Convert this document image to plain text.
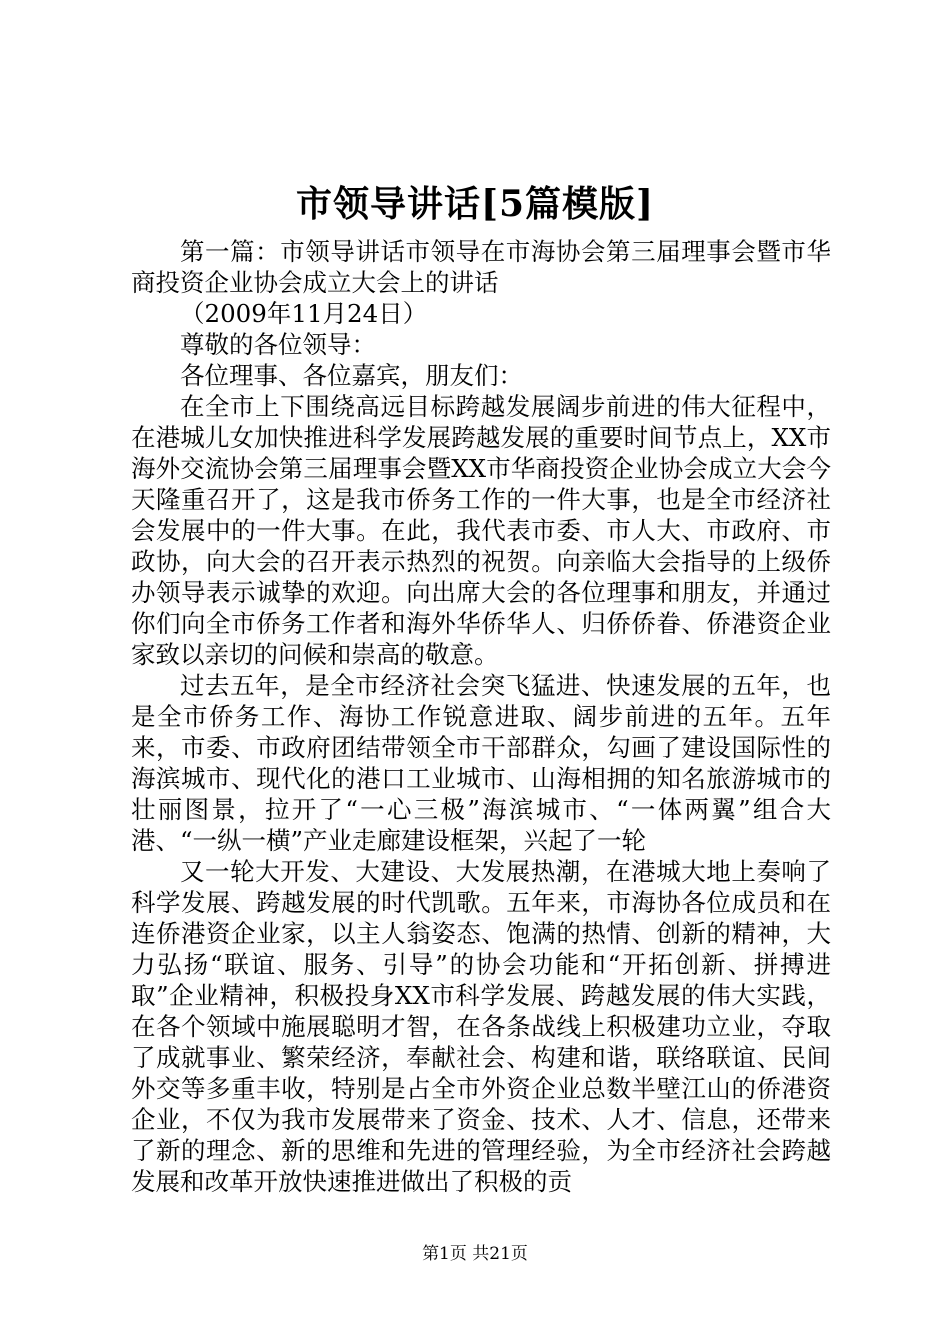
市领导讲话[5篇模版]

第一篇：市领导讲话市领导在市海协会第三届理事会暨市华商投资企业协会成立大会上的讲话

（2009年11月24日）

尊敬的各位领导：

各位理事、各位嘉宾，朋友们：

在全市上下围绕高远目标跨越发展阔步前进的伟大征程中，在港城儿女加快推进科学发展跨越发展的重要时间节点上，XX市海外交流协会第三届理事会暨XX市华商投资企业协会成立大会今天隆重召开了，这是我市侨务工作的一件大事，也是全市经济社会发展中的一件大事。在此，我代表市委、市人大、市政府、市政协，向大会的召开表示热烈的祝贺。向亲临大会指导的上级侨办领导表示诚挚的欢迎。向出席大会的各位理事和朋友，并通过你们向全市侨务工作者和海外华侨华人、归侨侨眷、侨港资企业家致以亲切的问候和崇高的敬意。

过去五年，是全市经济社会突飞猛进、快速发展的五年，也是全市侨务工作、海协工作锐意进取、阔步前进的五年。五年来，市委、市政府团结带领全市干部群众，勾画了建设国际性的海滨城市、现代化的港口工业城市、山海相拥的知名旅游城市的壮丽图景，拉开了“一心三极”海滨城市、“一体两翼”组合大港、“一纵一横”产业走廊建设框架，兴起了一轮

又一轮大开发、大建设、大发展热潮，在港城大地上奏响了科学发展、跨越发展的时代凯歌。五年来，市海协各位成员和在连侨港资企业家，以主人翁姿态、饱满的热情、创新的精神，大力弘扬“联谊、服务、引导”的协会功能和“开拓创新、拼搏进取”企业精神，积极投身XX市科学发展、跨越发展的伟大实践，在各个领域中施展聪明才智，在各条战线上积极建功立业，夺取了成就事业、繁荣经济，奉献社会、构建和谐，联络联谊、民间外交等多重丰收，特别是占全市外资企业总数半壁江山的侨港资企业，不仅为我市发展带来了资金、技术、人才、信息，还带来了新的理念、新的思维和先进的管理经验，为全市经济社会跨越发展和改革开放快速推进做出了积极的贡

第1页 共21页
